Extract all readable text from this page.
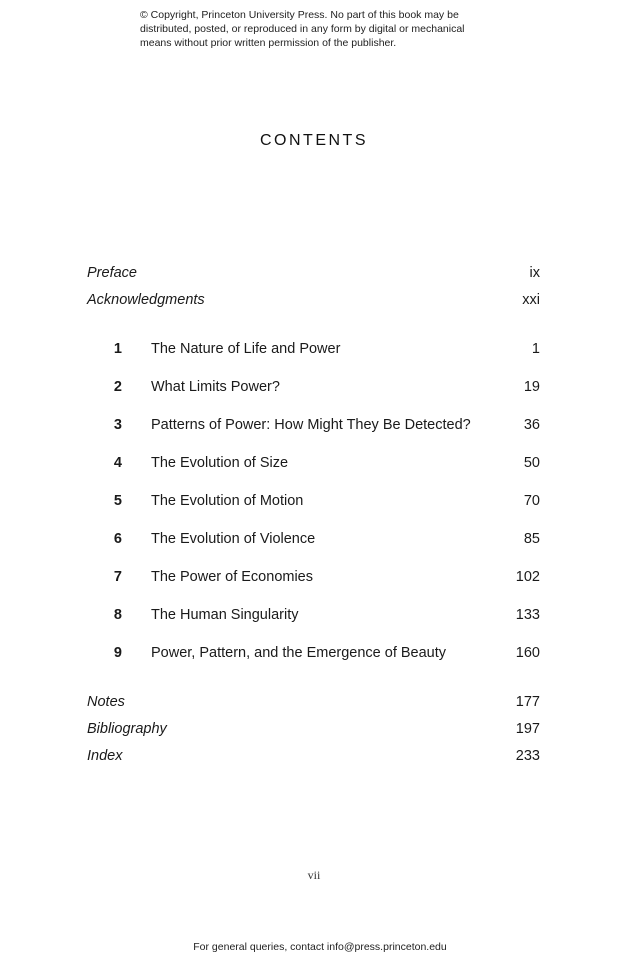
© Copyright, Princeton University Press. No part of this book may be
distributed, posted, or reproduced in any form by digital or mechanical
means without prior written permission of the publisher.
CONTENTS
Preface	ix
Acknowledgments	xxi
1 The Nature of Life and Power	1
2 What Limits Power?	19
3 Patterns of Power: How Might They Be Detected?	36
4 The Evolution of Size	50
5 The Evolution of Motion	70
6 The Evolution of Violence	85
7 The Power of Economies	102
8 The Human Singularity	133
9 Power, Pattern, and the Emergence of Beauty	160
Notes	177
Bibliography	197
Index	233
vii
For general queries, contact info@press.princeton.edu
